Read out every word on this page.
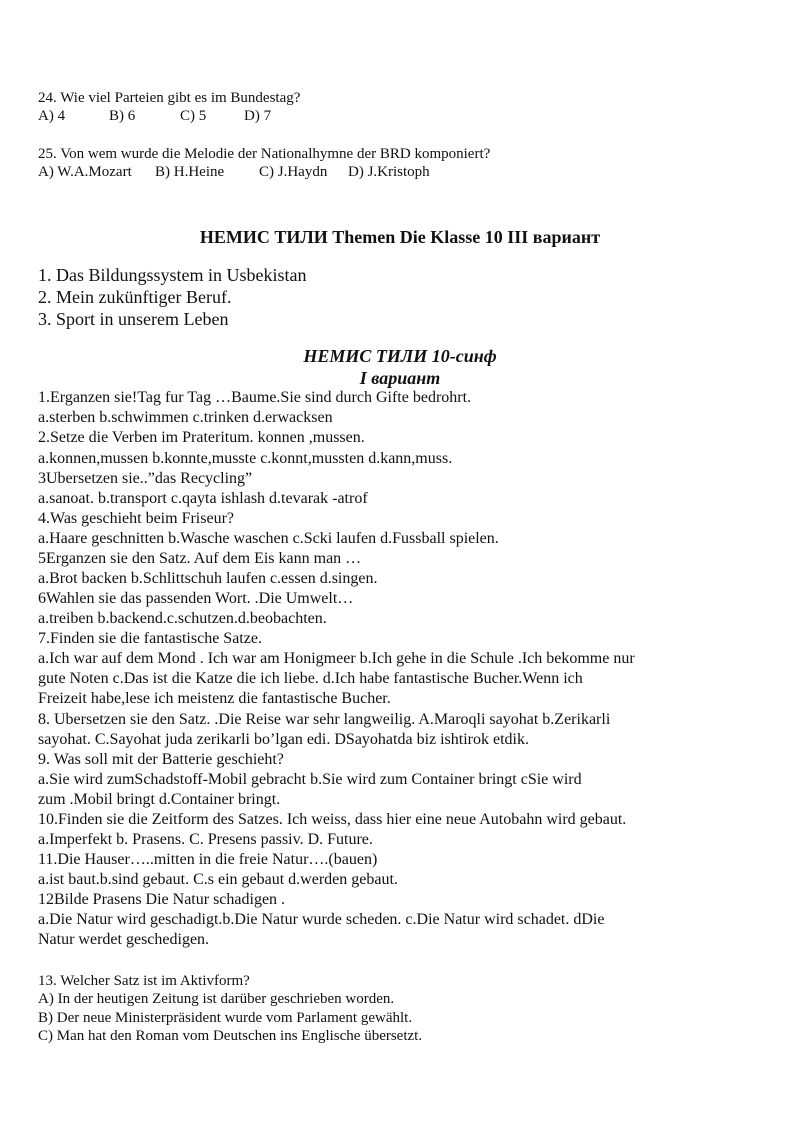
24. Wie viel Parteien gibt es im Bundestag?
A) 4	B) 6	C) 5	D) 7
25. Von wem wurde die Melodie der Nationalhymne der BRD komponiert?
A) W.A.Mozart	B) H.Heine	C) J.Haydn	D) J.Kristoph
НЕМИС ТИЛИ Themen Die Klasse 10 III вариант
1. Das Bildungssystem in Usbekistan
2. Mein zukünftiger Beruf.
3. Sport in unserem Leben
НЕМИС ТИЛИ 10-синф
I вариант
1.Erganzen sie!Tag fur Tag …Baume.Sie sind durch Gifte bedrohrt.
a.sterben b.schwimmen c.trinken d.erwacksen
2.Setze die Verben im Prateritum. konnen ,mussen.
a.konnen,mussen b.konnte,musste c.konnt,mussten d.kann,muss.
3Ubersetzen sie..”das Recycling”
a.sanoat. b.transport c.qayta ishlash d.tevarak -atrof
4.Was geschieht beim Friseur?
a.Haare geschnitten b.Wasche waschen c.Scki laufen d.Fussball spielen.
5Erganzen sie den Satz. Auf dem Eis kann man …
a.Brot backen b.Schlittschuh laufen c.essen d.singen.
6Wahlen sie das passenden Wort. .Die Umwelt…
a.treiben b.backend.c.schutzen.d.beobachten.
7.Finden sie die fantastische Satze.
a.Ich war auf dem Mond . Ich war am Honigmeer b.Ich gehe in die Schule .Ich bekomme nur
gute Noten c.Das ist die Katze die ich liebe. d.Ich habe fantastische Bucher.Wenn ich
Freizeit habe,lese ich meistenz die fantastische Bucher.
8. Ubersetzen sie den Satz. .Die Reise war sehr langweilig. A.Maroqli sayohat b.Zerikarli
sayohat. C.Sayohat juda zerikarli bo’lgan edi. DSayohatda biz ishtirok etdik.
9. Was soll mit der Batterie geschieht?
a.Sie wird zumSchadstoff-Mobil gebracht b.Sie wird zum Container bringt cSie wird
zum .Mobil bringt d.Container bringt.
10.Finden sie die Zeitform des Satzes. Ich weiss, dass hier eine neue Autobahn wird gebaut.
a.Imperfekt b. Prasens. C. Presens passiv. D. Future.
11.Die Hauser…..mitten in die freie Natur….(bauen)
a.ist baut.b.sind gebaut. C.s ein gebaut d.werden gebaut.
12Bilde Prasens Die Natur schadigen .
a.Die Natur wird geschadigt.b.Die Natur wurde scheden. c.Die Natur wird schadet. dDie
Natur werdet geschedigen.
13. Welcher Satz ist im Aktivform?
A) In der heutigen Zeitung ist darüber geschrieben worden.
B) Der neue Ministerpräsident wurde vom Parlament gewählt.
C) Man hat den Roman vom Deutschen ins Englische übersetzt.
